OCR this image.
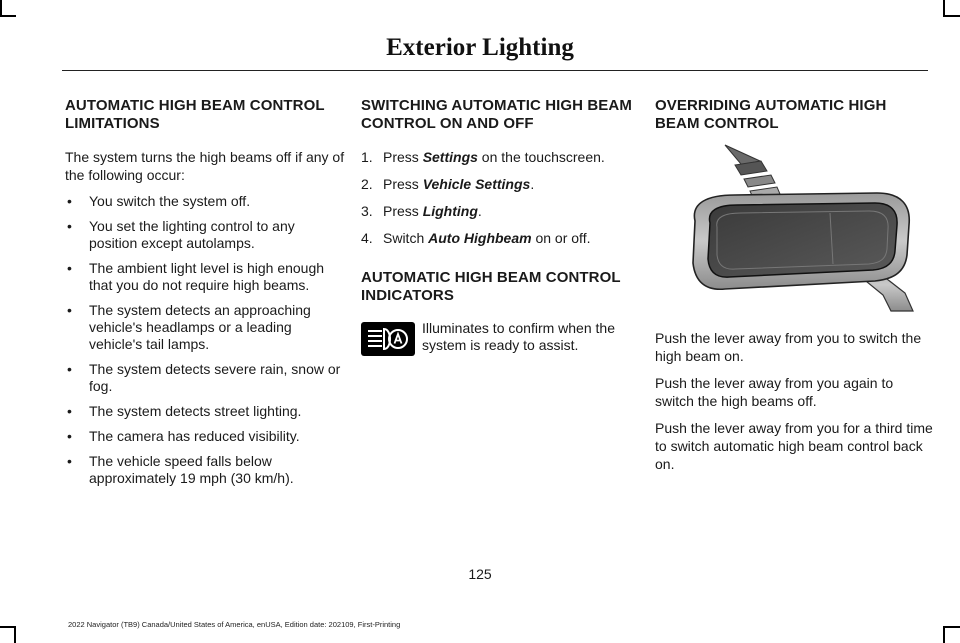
Exterior Lighting
AUTOMATIC HIGH BEAM CONTROL LIMITATIONS

The system turns the high beams off if any of the following occur:

• You switch the system off.
• You set the lighting control to any position except autolamps.
• The ambient light level is high enough that you do not require high beams.
• The system detects an approaching vehicle's headlamps or a leading vehicle's tail lamps.
• The system detects severe rain, snow or fog.
• The system detects street lighting.
• The camera has reduced visibility.
• The vehicle speed falls below approximately 19 mph (30 km/h).
SWITCHING AUTOMATIC HIGH BEAM CONTROL ON AND OFF
1. Press Settings on the touchscreen.
2. Press Vehicle Settings.
3. Press Lighting.
4. Switch Auto Highbeam on or off.
AUTOMATIC HIGH BEAM CONTROL INDICATORS
Illuminates to confirm when the system is ready to assist.
OVERRIDING AUTOMATIC HIGH BEAM CONTROL

Push the lever away from you to switch the high beam on.

Push the lever away from you again to switch the high beams off.

Push the lever away from you for a third time to switch automatic high beam control back on.

125
2022 Navigator (TB9) Canada/United States of America, enUSA, Edition date: 202109, First-Printing
